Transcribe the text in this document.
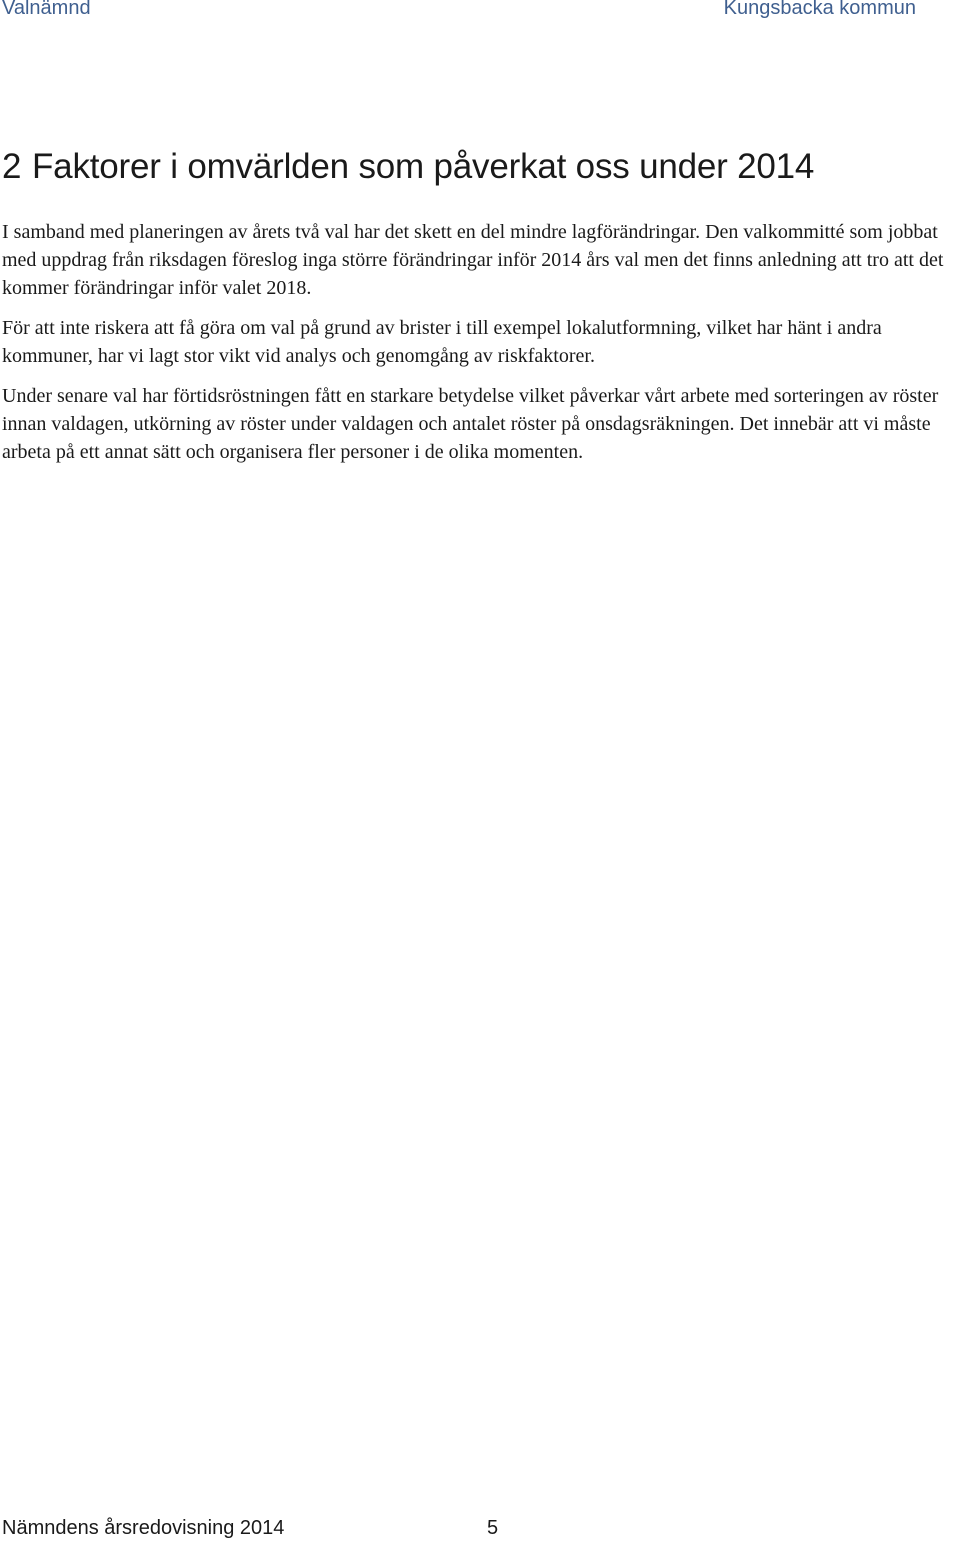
Valnämnd	Kungsbacka kommun
2 Faktorer i omvärlden som påverkat oss under 2014

I samband med planeringen av årets två val har det skett en del mindre lagförändringar. Den valkommitté som jobbat med uppdrag från riksdagen föreslog inga större förändringar inför 2014 års val men det finns anledning att tro att det kommer förändringar inför valet 2018.

För att inte riskera att få göra om val på grund av brister i till exempel lokalutformning, vilket har hänt i andra kommuner, har vi lagt stor vikt vid analys och genomgång av riskfaktorer.

Under senare val har förtidsröstningen fått en starkare betydelse vilket påverkar vårt arbete med sorteringen av röster innan valdagen, utkörning av röster under valdagen och antalet röster på onsdagsräkningen. Det innebär att vi måste arbeta på ett annat sätt och organisera fler personer i de olika momenten.

Nämndens årsredovisning 2014	5
